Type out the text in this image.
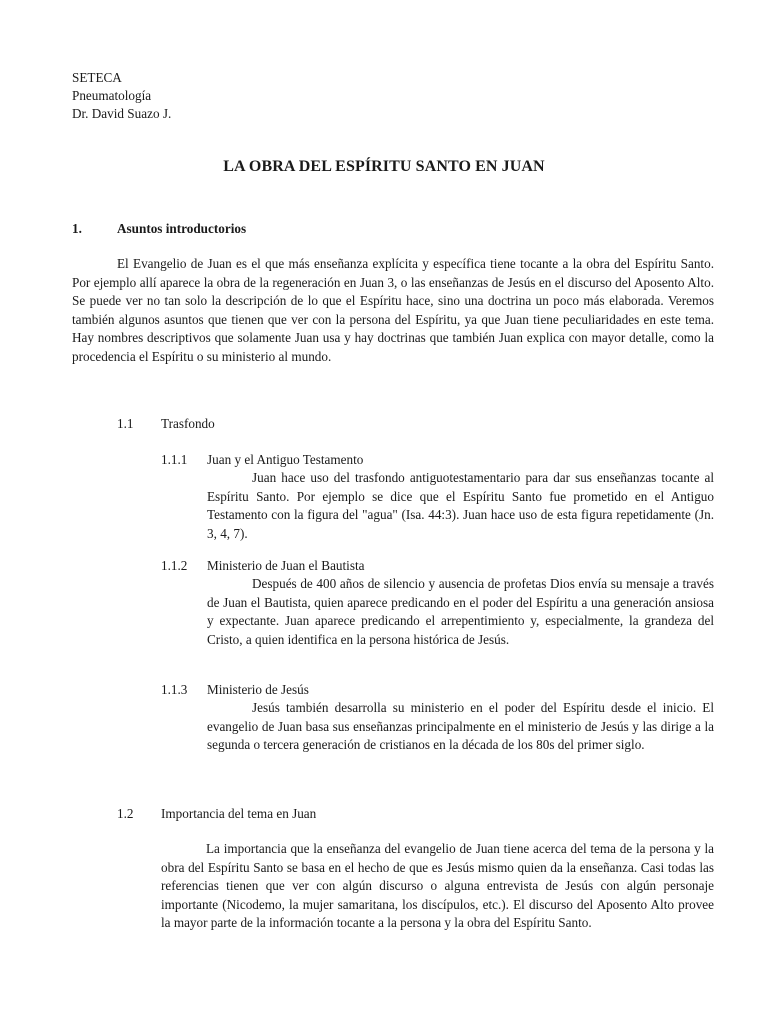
SETECA
Pneumatología
Dr. David Suazo J.
LA OBRA DEL ESPÍRITU SANTO EN JUAN
1.	Asuntos introductorios
El Evangelio de Juan es el que más enseñanza explícita y específica tiene tocante a la obra del Espíritu Santo. Por ejemplo allí aparece la obra de la regeneración en Juan 3, o las enseñanzas de Jesús en el discurso del Aposento Alto. Se puede ver no tan solo la descripción de lo que el Espíritu hace, sino una doctrina un poco más elaborada. Veremos también algunos asuntos que tienen que ver con la persona del Espíritu, ya que Juan tiene peculiaridades en este tema. Hay nombres descriptivos que solamente Juan usa y hay doctrinas que también Juan explica con mayor detalle, como la procedencia el Espíritu o su ministerio al mundo.
1.1 Trasfondo
1.1.1 Juan y el Antiguo Testamento
Juan hace uso del trasfondo antiguotestamentario para dar sus enseñanzas tocante al Espíritu Santo. Por ejemplo se dice que el Espíritu Santo fue prometido en el Antiguo Testamento con la figura del "agua" (Isa. 44:3). Juan hace uso de esta figura repetidamente (Jn. 3, 4, 7).
1.1.2 Ministerio de Juan el Bautista
Después de 400 años de silencio y ausencia de profetas Dios envía su mensaje a través de Juan el Bautista, quien aparece predicando en el poder del Espíritu a una generación ansiosa y expectante. Juan aparece predicando el arrepentimiento y, especialmente, la grandeza del Cristo, a quien identifica en la persona histórica de Jesús.
1.1.3 Ministerio de Jesús
Jesús también desarrolla su ministerio en el poder del Espíritu desde el inicio. El evangelio de Juan basa sus enseñanzas principalmente en el ministerio de Jesús y las dirige a la segunda o tercera generación de cristianos en la década de los 80s del primer siglo.
1.2 Importancia del tema en Juan
La importancia que la enseñanza del evangelio de Juan tiene acerca del tema de la persona y la obra del Espíritu Santo se basa en el hecho de que es Jesús mismo quien da la enseñanza. Casi todas las referencias tienen que ver con algún discurso o alguna entrevista de Jesús con algún personaje importante (Nicodemo, la mujer samaritana, los discípulos, etc.). El discurso del Aposento Alto provee la mayor parte de la información tocante a la persona y la obra del Espíritu Santo.
